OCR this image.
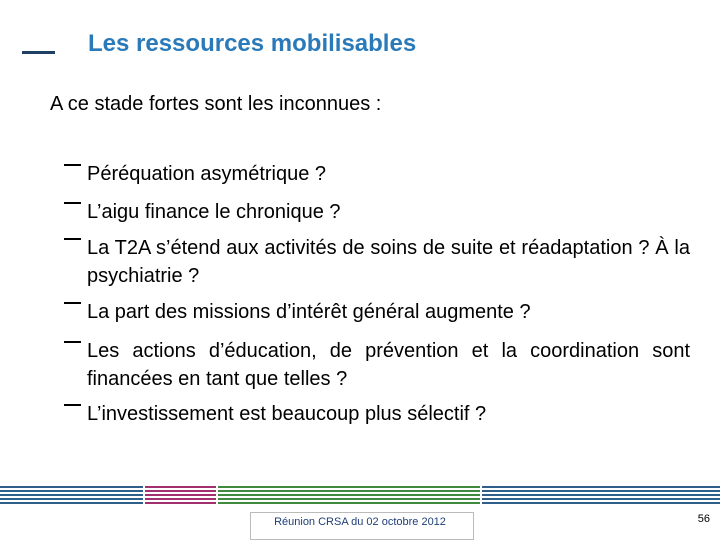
Les ressources mobilisables
A ce stade fortes sont les inconnues :
Péréquation asymétrique ?
L’aigu finance le chronique ?
La T2A s’étend aux activités de soins de suite et réadaptation ? À la psychiatrie ?
La part des missions d’intérêt général augmente ?
Les actions d’éducation, de prévention et la coordination sont financées en tant que telles ?
L’investissement est beaucoup plus sélectif ?
Réunion CRSA du 02 octobre 2012	56
